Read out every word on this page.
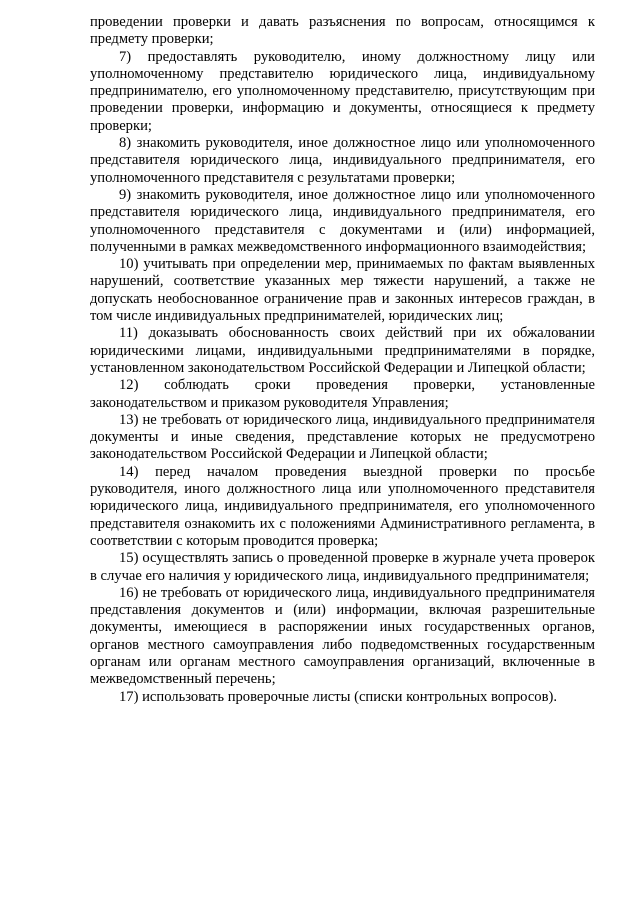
проведении проверки и давать разъяснения по вопросам, относящимся к предмету проверки;

7) предоставлять руководителю, иному должностному лицу или уполномоченному представителю юридического лица, индивидуальному предпринимателю, его уполномоченному представителю, присутствующим при проведении проверки, информацию и документы, относящиеся к предмету проверки;

8) знакомить руководителя, иное должностное лицо или уполномоченного представителя юридического лица, индивидуального предпринимателя, его уполномоченного представителя с результатами проверки;

9) знакомить руководителя, иное должностное лицо или уполномоченного представителя юридического лица, индивидуального предпринимателя, его уполномоченного представителя с документами и (или) информацией, полученными в рамках межведомственного информационного взаимодействия;

10) учитывать при определении мер, принимаемых по фактам выявленных нарушений, соответствие указанных мер тяжести нарушений, а также не допускать необоснованное ограничение прав и законных интересов граждан, в том числе индивидуальных предпринимателей, юридических лиц;

11) доказывать обоснованность своих действий при их обжаловании юридическими лицами, индивидуальными предпринимателями в порядке, установленном законодательством Российской Федерации и Липецкой области;

12) соблюдать сроки проведения проверки, установленные законодательством и приказом руководителя Управления;

13) не требовать от юридического лица, индивидуального предпринимателя документы и иные сведения, представление которых не предусмотрено законодательством Российской Федерации и Липецкой области;

14) перед началом проведения выездной проверки по просьбе руководителя, иного должностного лица или уполномоченного представителя юридического лица, индивидуального предпринимателя, его уполномоченного представителя ознакомить их с положениями Административного регламента, в соответствии с которым проводится проверка;

15) осуществлять запись о проведенной проверке в журнале учета проверок в случае его наличия у юридического лица, индивидуального предпринимателя;

16) не требовать от юридического лица, индивидуального предпринимателя представления документов и (или) информации, включая разрешительные документы, имеющиеся в распоряжении иных государственных органов, органов местного самоуправления либо подведомственных государственным органам или органам местного самоуправления организаций, включенные в межведомственный перечень;

17) использовать проверочные листы (списки контрольных вопросов).
